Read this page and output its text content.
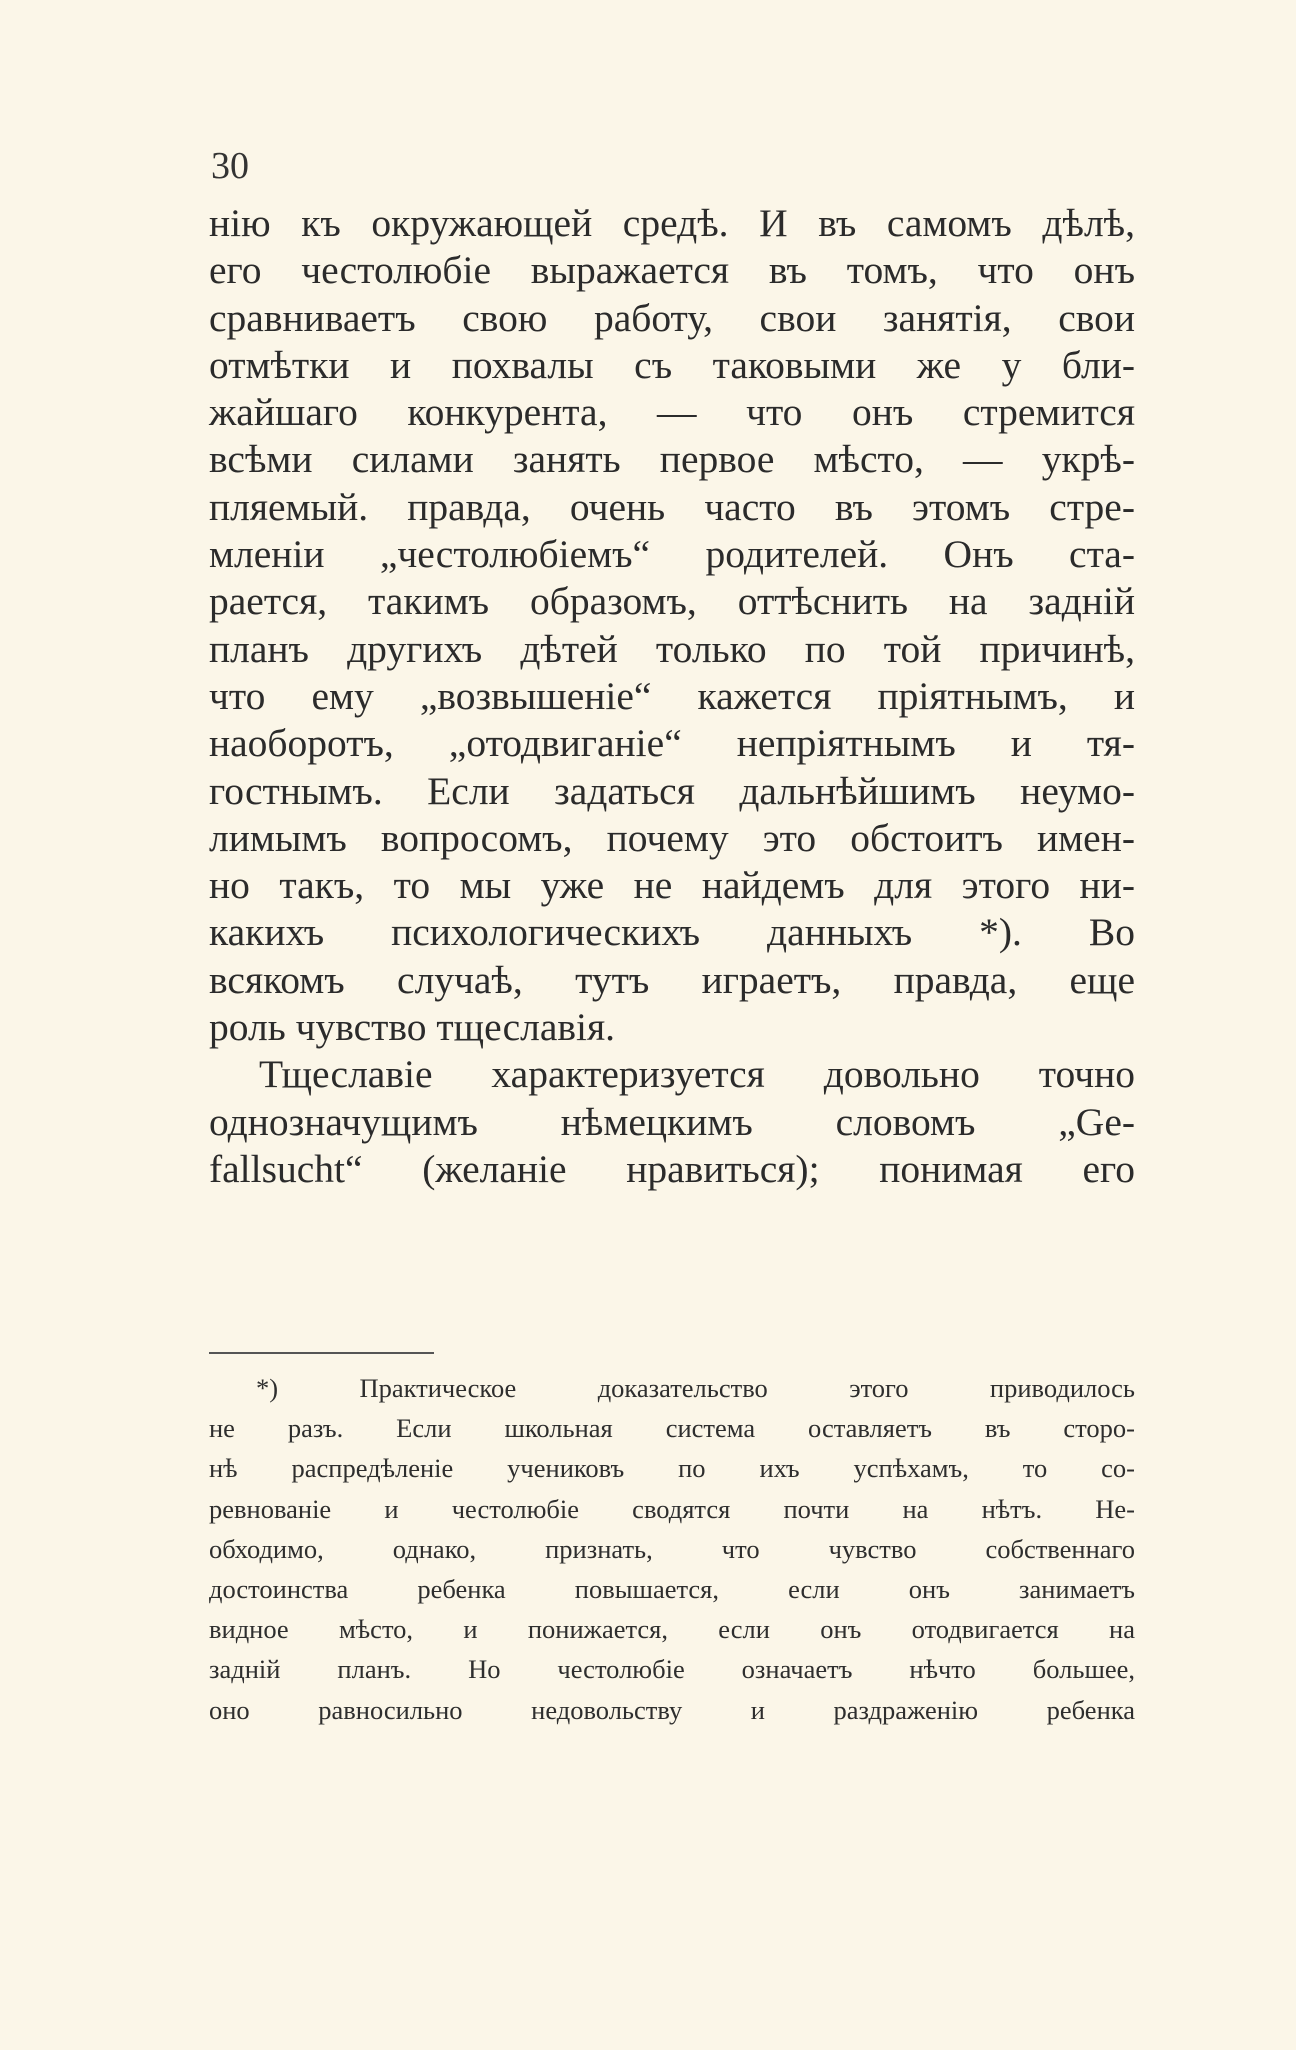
30
нію къ окружающей средѣ. И въ самомъ дѣлѣ,
его честолюбіе выражается въ томъ, что онъ
сравниваетъ свою работу, свои занятія, свои
отмѣтки и похвалы съ таковыми же у бли-
жайшаго конкурента, — что онъ стремится
всѣми силами занять первое мѣсто, — укрѣ-
пляемый. правда, очень часто въ этомъ стре-
мленіи „честолюбіемъ“ родителей. Онъ ста-
рается, такимъ образомъ, оттѣснить на задній
планъ другихъ дѣтей только по той причинѣ,
что ему „возвышеніе“ кажется пріятнымъ, и
наоборотъ, „отодвиганіе“ непріятнымъ и тя-
гостнымъ. Если задаться дальнѣйшимъ неумо-
лимымъ вопросомъ, почему это обстоитъ имен-
но такъ, то мы уже не найдемъ для этого ни-
какихъ психологическихъ данныхъ *). Во
всякомъ случаѣ, тутъ играетъ, правда, еще
роль чувство тщеславія.
Тщеславіе характеризуется довольно точно
однозначущимъ нѣмецкимъ словомъ „Ge-
fallsucht“ (желаніе нравиться); понимая его
*) Практическое доказательство этого приводилось
не разъ. Если школьная система оставляетъ въ сторо-
нѣ распредѣленіе учениковъ по ихъ успѣхамъ, то со-
ревнованіе и честолюбіе сводятся почти на нѣтъ. Не-
обходимо, однако, признать, что чувство собственнаго
достоинства ребенка повышается, если онъ занимаетъ
видное мѣсто, и понижается, если онъ отодвигается на
задній планъ. Но честолюбіе означаетъ нѣчто большее,
оно равносильно недовольству и раздраженію ребенка
